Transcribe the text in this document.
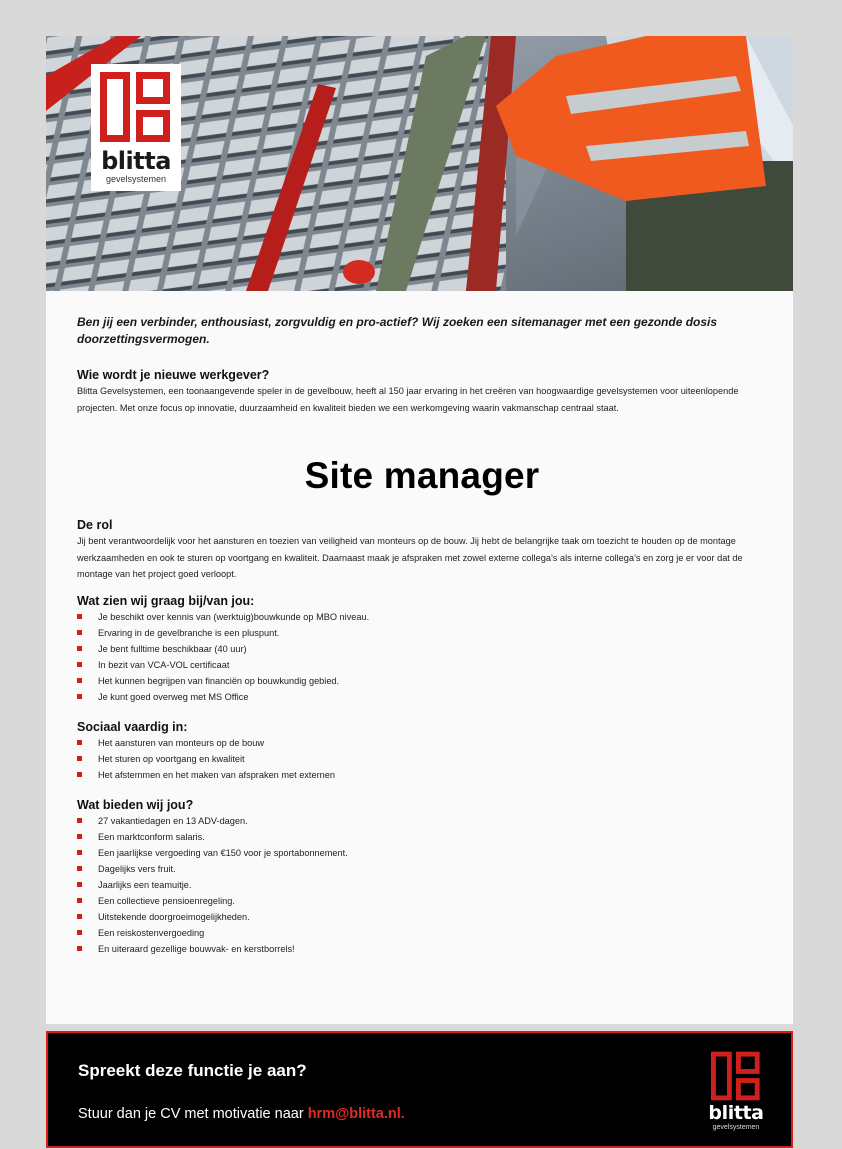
blitta
gevelsystemen

Ben jij een verbinder, enthousiast, zorgvuldig en pro-actief? Wij zoeken een sitemanager met een gezonde dosis doorzettingsvermogen.

Wie wordt je nieuwe werkgever?

Blitta Gevelsystemen, een toonaangevende speler in de gevelbouw, heeft al 150 jaar ervaring in het creëren van hoogwaardige gevelsystemen voor uiteenlopende projecten. Met onze focus op innovatie, duurzaamheid en kwaliteit bieden we een werkomgeving waarin vakmanschap centraal staat.

Site manager
De rol

Jij bent verantwoordelijk voor het aansturen en toezien van veiligheid van monteurs op de bouw. Jij hebt de belangrijke taak om toezicht te houden op de montage werkzaamheden en ook te sturen op voortgang en kwaliteit. Daarnaast maak je afspraken met zowel externe collega’s als interne collega’s en zorg je er voor dat de montage van het project goed verloopt.

Wat zien wij graag bij/van jou:
Je beschikt over kennis van (werktuig)bouwkunde op MBO niveau.
Ervaring in de gevelbranche is een pluspunt.
Je bent fulltime beschikbaar (40 uur)
In bezit van VCA-VOL certificaat
Het kunnen begrijpen van financiën op bouwkundig gebied.
Je kunt goed overweg met MS Office
Sociaal vaardig in:
Het aansturen van monteurs op de bouw
Het sturen op voortgang en kwaliteit
Het afstemmen en het maken van afspraken met externen
Wat bieden wij jou?
27 vakantiedagen en 13 ADV-dagen.
Een marktconform salaris.
Een jaarlijkse vergoeding van €150 voor je sportabonnement.
Dagelijks vers fruit.
Jaarlijks een teamuitje.
Een collectieve pensioenregeling.
Uitstekende doorgroeimogelijkheden.
Een reiskostenvergoeding
En uiteraard gezellige bouwvak- en kerstborrels!
Spreekt deze functie je aan?
Stuur dan je CV met motivatie naar hrm@blitta.nl.	blitta
gevelsystemen
